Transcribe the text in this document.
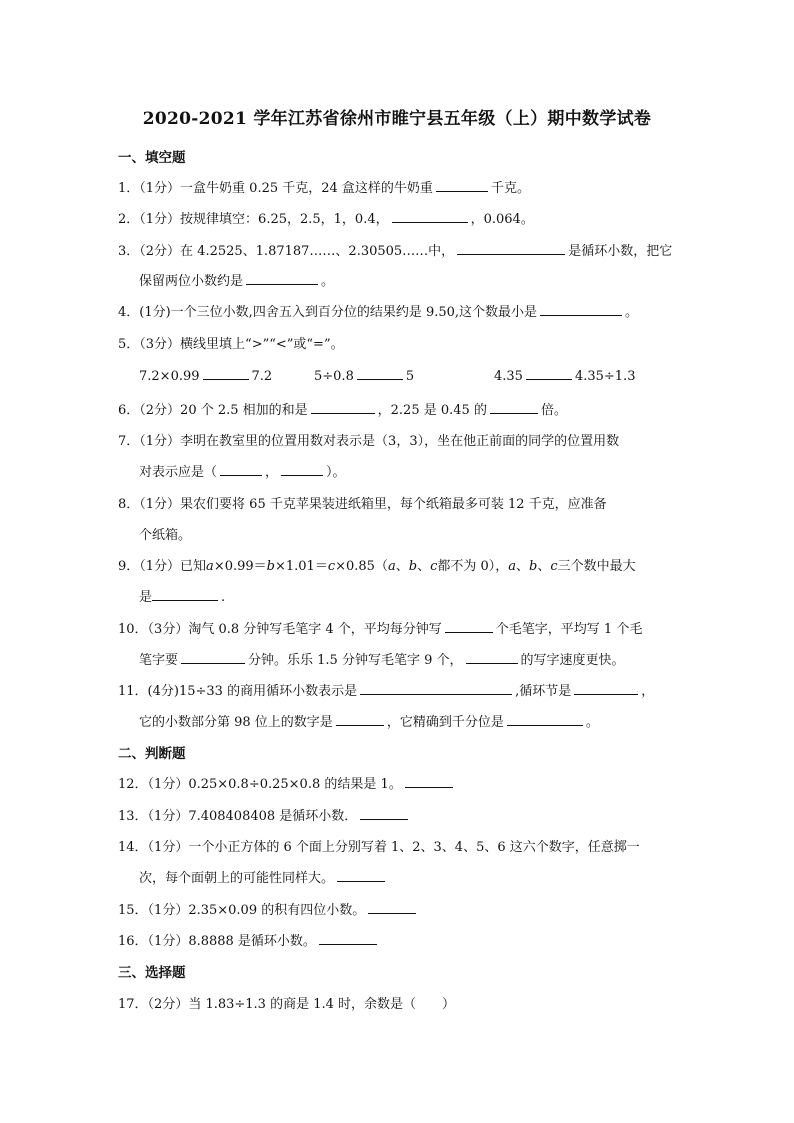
2020-2021 学年江苏省徐州市睢宁县五年级（上）期中数学试卷
一、填空题
1．（1分）一盒牛奶重 0.25 千克，24 盒这样的牛奶重	千克。
2．（1分）按规律填空：6.25，2.5，1，0.4，	，0.064。
3．（2分）在 4.2525、1.87187……、2.30505……中，	是循环小数，把它
保留两位小数约是	。
4．(1分)一个三位小数,四舍五入到百分位的结果约是 9.50,这个数最小是	。
5．（3分）横线里填上“>”“<”或“=”。
7.2×0.99	7.2	5÷0.8	5	4.35	4.35÷1.3
6．（2分）20 个 2.5 相加的和是	，2.25 是 0.45 的	倍。
7．（1分）李明在教室里的位置用数对表示是（3，3），坐在他正前面的同学的位置用数
对表示应是（	，	）。
8．（1分）果农们要将 65 千克苹果装进纸箱里，每个纸箱最多可装 12 千克，应准备
个纸箱。
9．（1分）已知a×0.99＝b×1.01＝c×0.85（a、b、c都不为 0），a、b、c三个数中最大
是	.
10．（3分）淘气 0.8 分钟写毛笔字 4 个，平均每分钟写	个毛笔字，平均写 1 个毛
笔字要	分钟。乐乐 1.5 分钟写毛笔字 9 个，	的写字速度更快。
11．(4分)15÷33 的商用循环小数表示是	,循环节是	，
它的小数部分第 98 位上的数字是	，它精确到千分位是	。
二、判断题
12．（1分）0.25×0.8÷0.25×0.8 的结果是 1。
13．（1分）7.408408408 是循环小数．
14．（1分）一个小正方体的 6 个面上分别写着 1、2、3、4、5、6 这六个数字，任意掷一
次，每个面朝上的可能性同样大。
15．（1分）2.35×0.09 的积有四位小数。
16．（1分）8.8888 是循环小数。
三、选择题
17．（2分）当 1.83÷1.3 的商是 1.4 时，余数是（　　）
